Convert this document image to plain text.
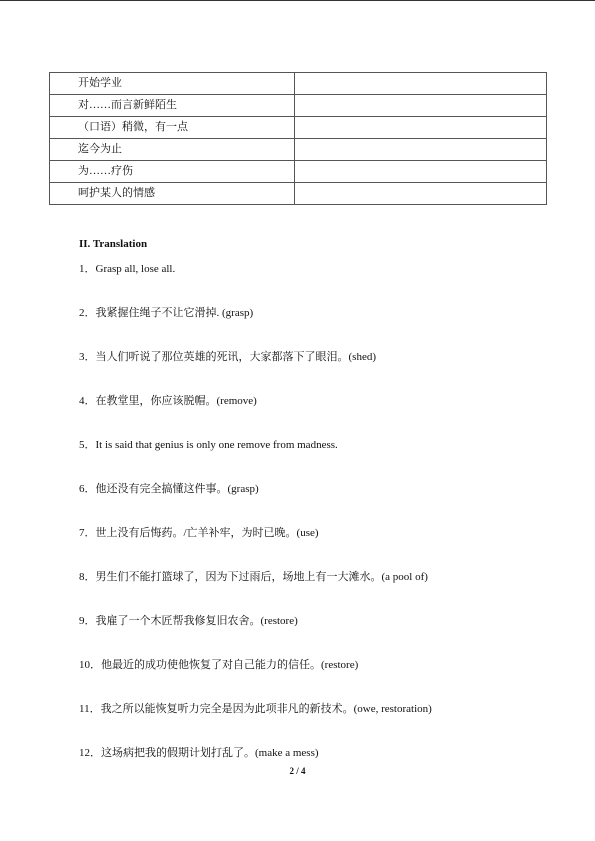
开始学业	
对……而言新鲜陌生	
（口语）稍微，有一点	
迄今为止	
为……疗伤	
呵护某人的情感	
II. Translation
1．Grasp all, lose all.
2．我紧握住绳子不让它滑掉. (grasp)
3．当人们听说了那位英雄的死讯，大家都落下了眼泪。(shed)
4．在教堂里，你应该脱帽。(remove)
5．It is said that genius is only one remove from madness.
6．他还没有完全搞懂这件事。(grasp)
7．世上没有后悔药。/亡羊补牢，为时已晚。(use)
8．男生们不能打篮球了，因为下过雨后，场地上有一大滩水。(a pool of)
9．我雇了一个木匠帮我修复旧农舍。(restore)
10．他最近的成功使他恢复了对自己能力的信任。(restore)
11．我之所以能恢复听力完全是因为此项非凡的新技术。(owe, restoration)
12．这场病把我的假期计划打乱了。(make a mess)
2 / 4
